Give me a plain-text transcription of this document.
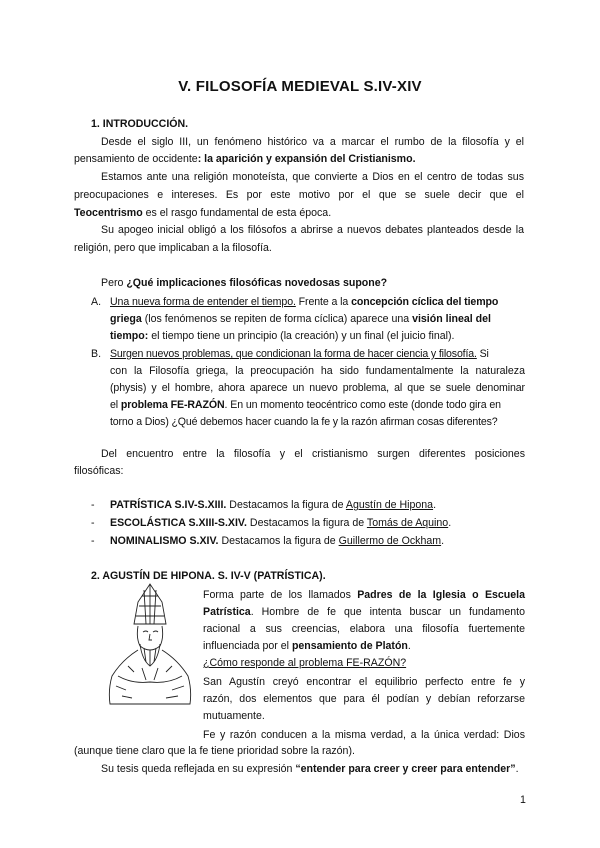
V. FILOSOFÍA MEDIEVAL S.IV-XIV
1. INTRODUCCIÓN.
Desde el siglo III, un fenómeno histórico va a marcar el rumbo de la filosofía y el
pensamiento de occidente: la aparición y expansión del Cristianismo.
Estamos ante una religión monoteísta, que convierte a Dios en el centro de todas sus
preocupaciones e intereses. Es por este motivo por el que se suele decir que el
Teocentrismo es el rasgo fundamental de esta época.
Su apogeo inicial obligó a los filósofos a abrirse a nuevos debates planteados desde la
religión, pero que implicaban a la filosofía.
Pero ¿Qué implicaciones filosóficas novedosas supone?
A. Una nueva forma de entender el tiempo. Frente a la concepción cíclica del tiempo
griega (los fenómenos se repiten de forma cíclica) aparece una visión lineal del
tiempo: el tiempo tiene un principio (la creación) y un final (el juicio final).
B. Surgen nuevos problemas, que condicionan la forma de hacer ciencia y filosofía. Si
con la Filosofía griega, la preocupación ha sido fundamentalmente la naturaleza
(physis) y el hombre, ahora aparece un nuevo problema, al que se suele denominar
el problema FE-RAZÓN. En un momento teocéntrico como este (donde todo gira en
torno a Dios) ¿Qué debemos hacer cuando la fe y la razón afirman cosas diferentes?
Del encuentro entre la filosofía y el cristianismo surgen diferentes posiciones
filosóficas:
- PATRÍSTICA S.IV-S.XIII. Destacamos la figura de Agustín de Hipona.
- ESCOLÁSTICA S.XIII-S.XIV. Destacamos la figura de Tomás de Aquino.
- NOMINALISMO S.XIV. Destacamos la figura de Guillermo de Ockham.
2. AGUSTÍN DE HIPONA. S. IV-V (PATRÍSTICA).
Forma parte de los llamados Padres de la Iglesia o Escuela
Patrística. Hombre de fe que intenta buscar un fundamento
racional a sus creencias, elabora una filosofía fuertemente
influenciada por el pensamiento de Platón.
¿Cómo responde al problema FE-RAZÓN?
San Agustín creyó encontrar el equilibrio perfecto entre fe y
razón, dos elementos que para él podían y debían reforzarse
mutuamente.
Fe y razón conducen a la misma verdad, a la única verdad: Dios
(aunque tiene claro que la fe tiene prioridad sobre la razón).
Su tesis queda reflejada en su expresión “entender para creer y creer para entender”.
1
